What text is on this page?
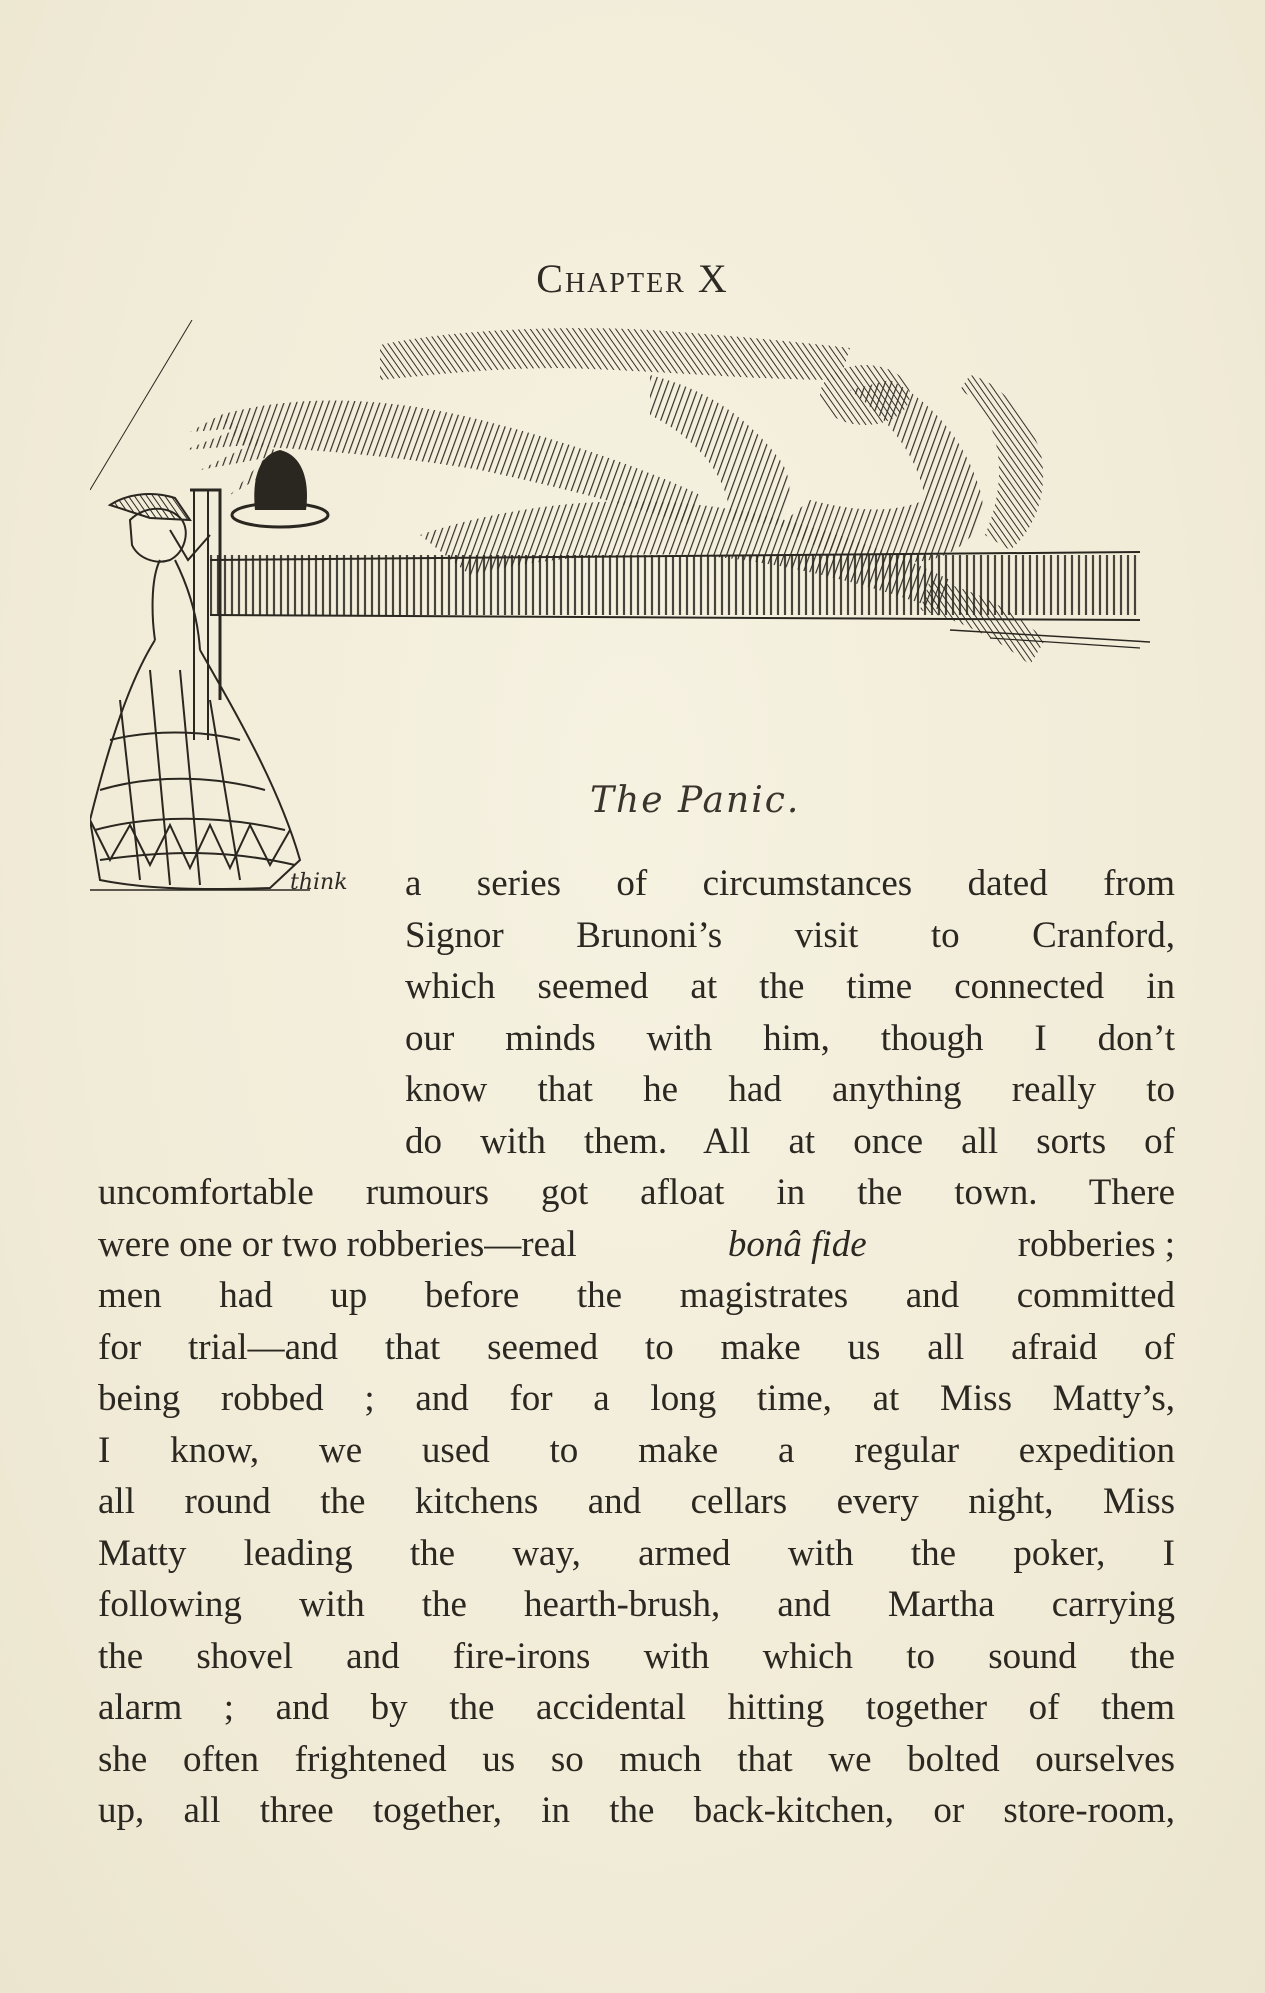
Chapter X
The Panic.
think a series of circumstances dated from
Signor Brunoni’s visit to Cranford,
which seemed at the time connected in
our minds with him, though I don’t
know that he had anything really to
do with them. All at once all sorts of
uncomfortable rumours got afloat in the town. There
were one or two robberies—real	bonâ fide	robberies ;
men had up before the magistrates and committed
for trial—and that seemed to make us all afraid of
being robbed ; and for a long time, at Miss Matty’s,
I know, we used to make a regular expedition
all round the kitchens and cellars every night, Miss
Matty leading the way, armed with the poker, I
following with the hearth-brush, and Martha carrying
the shovel and fire-irons with which to sound the
alarm ; and by the accidental hitting together of them
she often frightened us so much that we bolted ourselves
up, all three together, in the back-kitchen, or store-room,
